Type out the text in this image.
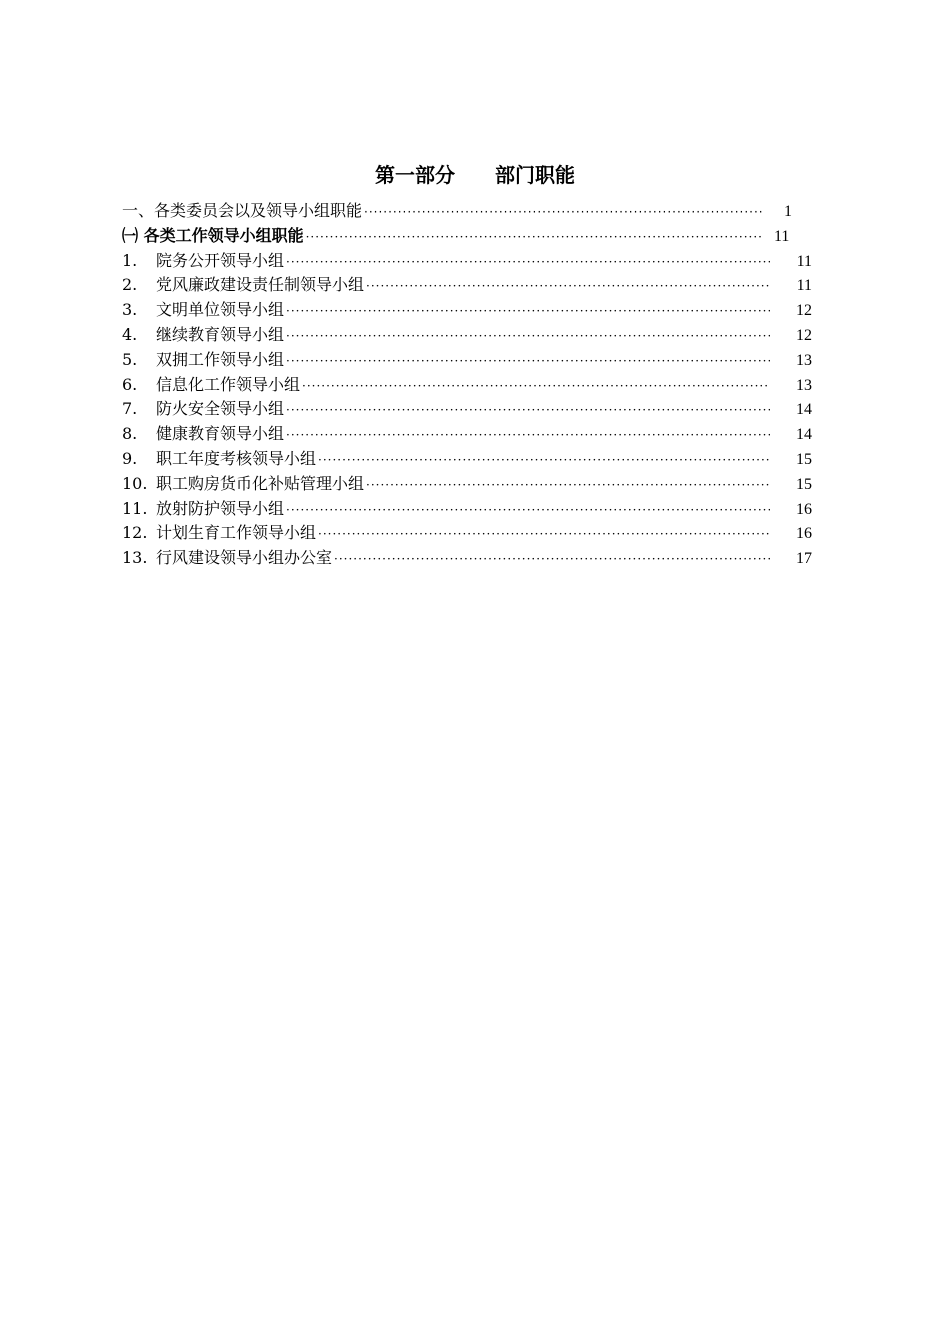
第一部分　　部门职能
一、各类委员会以及领导小组职能 ·····	1
㈠ 各类工作领导小组职能 ·····	11
1.	院务公开领导小组 ·····	11
2.	党风廉政建设责任制领导小组 ·····	11
3.	文明单位领导小组 ·····	12
4.	继续教育领导小组 ·····	12
5.	双拥工作领导小组 ·····	13
6.	信息化工作领导小组 ·····	13
7.	防火安全领导小组 ·····	14
8.	健康教育领导小组 ·····	14
9.	职工年度考核领导小组 ·····	15
10. 职工购房货币化补贴管理小组 ·····	15
11. 放射防护领导小组 ·····	16
12. 计划生育工作领导小组 ·····	16
13. 行风建设领导小组办公室 ·····	17
